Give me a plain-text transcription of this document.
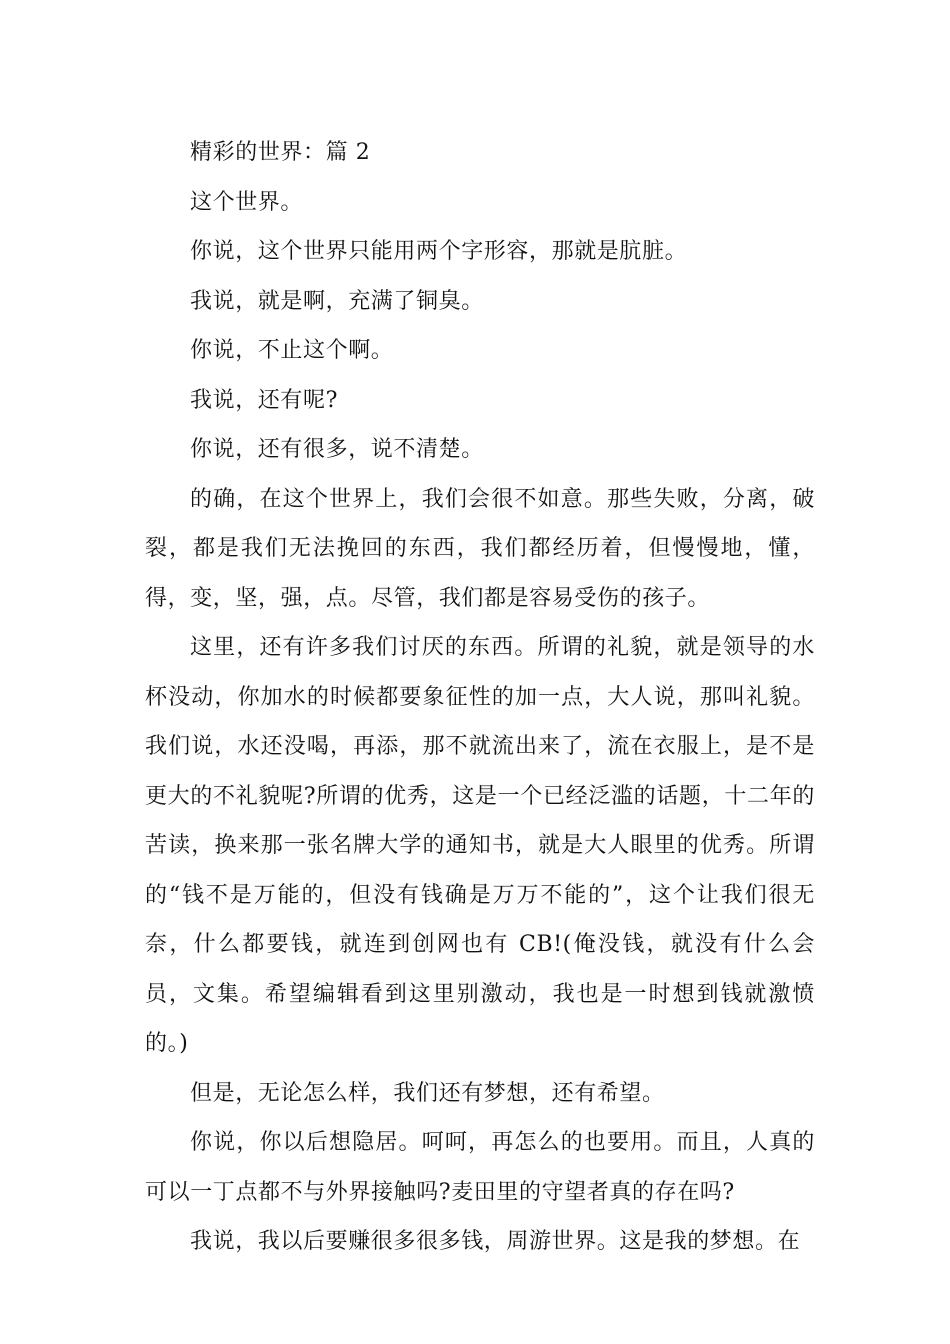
精彩的世界：篇 2

这个世界。

你说，这个世界只能用两个字形容，那就是肮脏。

我说，就是啊，充满了铜臭。

你说，不止这个啊。

我说，还有呢?

你说，还有很多，说不清楚。

的确，在这个世界上，我们会很不如意。那些失败，分离，破裂，都是我们无法挽回的东西，我们都经历着，但慢慢地，懂，得，变，坚，强，点。尽管，我们都是容易受伤的孩子。

这里，还有许多我们讨厌的东西。所谓的礼貌，就是领导的水杯没动，你加水的时候都要象征性的加一点，大人说，那叫礼貌。我们说，水还没喝，再添，那不就流出来了，流在衣服上，是不是更大的不礼貌呢?所谓的优秀，这是一个已经泛滥的话题，十二年的苦读，换来那一张名牌大学的通知书，就是大人眼里的优秀。所谓的“钱不是万能的，但没有钱确是万万不能的”，这个让我们很无奈，什么都要钱，就连到创网也有 CB!(俺没钱，就没有什么会员，文集。希望编辑看到这里别激动，我也是一时想到钱就激愤的。)

但是，无论怎么样，我们还有梦想，还有希望。

你说，你以后想隐居。呵呵，再怎么的也要用。而且，人真的可以一丁点都不与外界接触吗?麦田里的守望者真的存在吗?

我说，我以后要赚很多很多钱，周游世界。这是我的梦想。在
